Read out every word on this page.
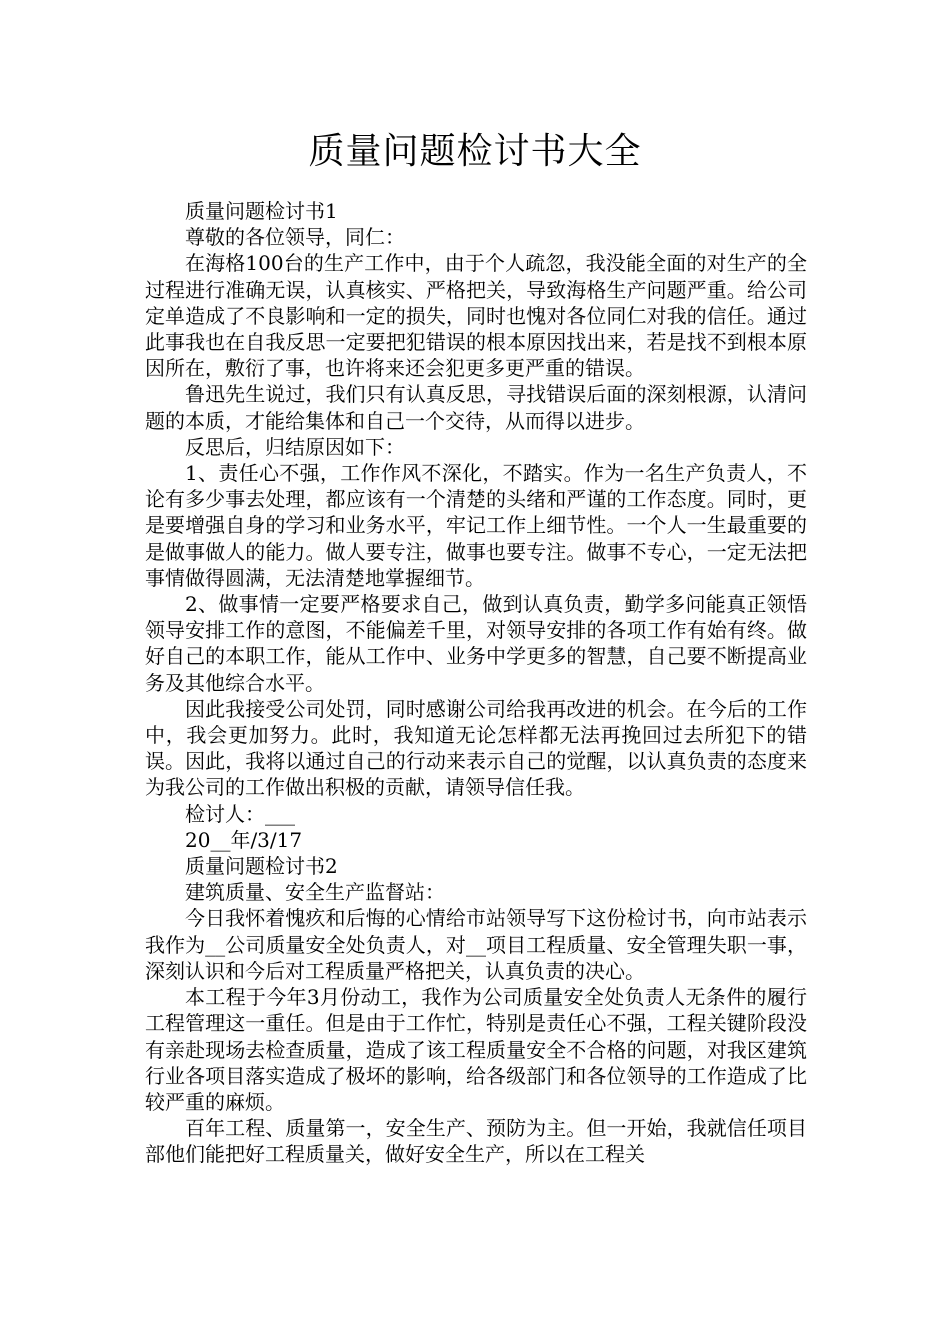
质量问题检讨书大全

质量问题检讨书1

尊敬的各位领导，同仁：

在海格100台的生产工作中，由于个人疏忽，我没能全面的对生产的全过程进行准确无误，认真核实、严格把关，导致海格生产问题严重。给公司定单造成了不良影响和一定的损失，同时也愧对各位同仁对我的信任。通过此事我也在自我反思一定要把犯错误的根本原因找出来，若是找不到根本原因所在，敷衍了事，也许将来还会犯更多更严重的错误。

鲁迅先生说过，我们只有认真反思，寻找错误后面的深刻根源，认清问题的本质，才能给集体和自己一个交待，从而得以进步。

反思后，归结原因如下：

1、责任心不强，工作作风不深化，不踏实。作为一名生产负责人，不论有多少事去处理，都应该有一个清楚的头绪和严谨的工作态度。同时，更是要增强自身的学习和业务水平，牢记工作上细节性。一个人一生最重要的是做事做人的能力。做人要专注，做事也要专注。做事不专心，一定无法把事情做得圆满，无法清楚地掌握细节。

2、做事情一定要严格要求自己，做到认真负责，勤学多问能真正领悟领导安排工作的意图，不能偏差千里，对领导安排的各项工作有始有终。做好自己的本职工作，能从工作中、业务中学更多的智慧，自己要不断提高业务及其他综合水平。

因此我接受公司处罚，同时感谢公司给我再改进的机会。在今后的工作中，我会更加努力。此时，我知道无论怎样都无法再挽回过去所犯下的错误。因此，我将以通过自己的行动来表示自己的觉醒，以认真负责的态度来为我公司的工作做出积极的贡献，请领导信任我。

检讨人：___

20__年/3/17

质量问题检讨书2

建筑质量、安全生产监督站：

今日我怀着愧疚和后悔的心情给市站领导写下这份检讨书，向市站表示我作为__公司质量安全处负责人，对__项目工程质量、安全管理失职一事，深刻认识和今后对工程质量严格把关，认真负责的决心。

本工程于今年3月份动工，我作为公司质量安全处负责人无条件的履行工程管理这一重任。但是由于工作忙，特别是责任心不强，工程关键阶段没有亲赴现场去检查质量，造成了该工程质量安全不合格的问题，对我区建筑行业各项目落实造成了极坏的影响，给各级部门和各位领导的工作造成了比较严重的麻烦。

百年工程、质量第一，安全生产、预防为主。但一开始，我就信任项目部他们能把好工程质量关，做好安全生产，所以在工程关
